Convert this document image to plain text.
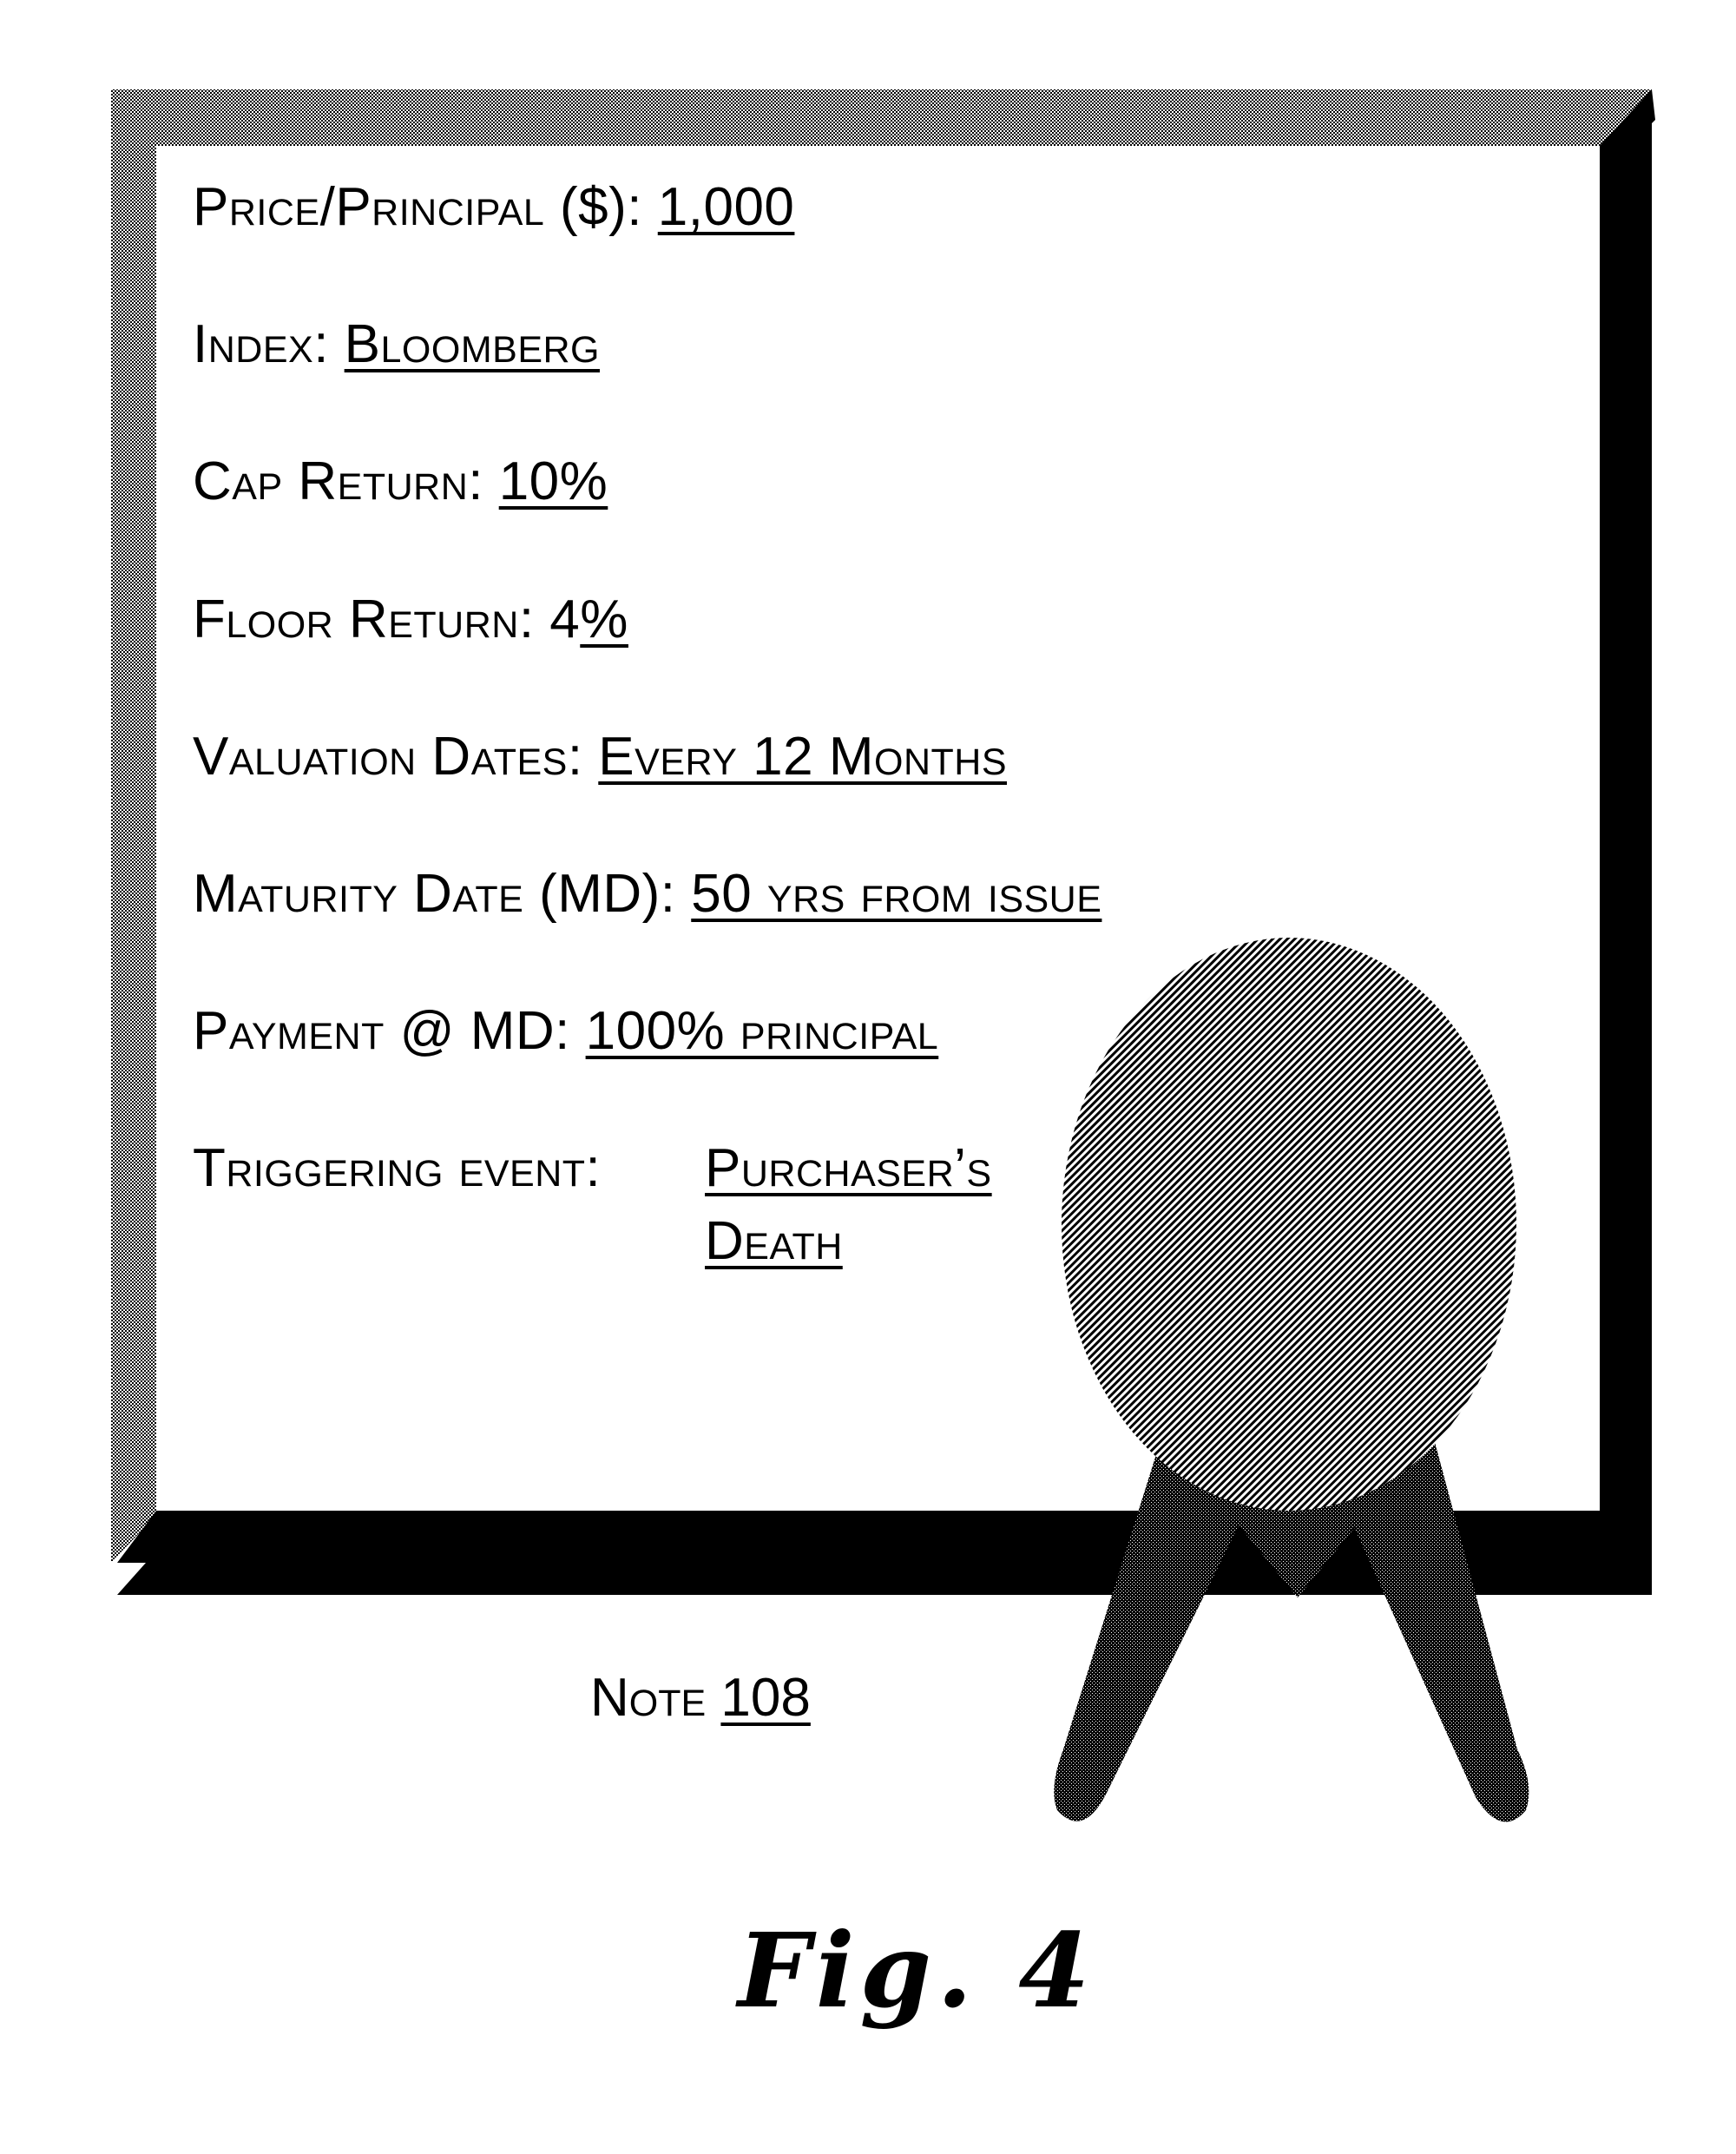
Price/Principal ($): 1,000
Index: Bloomberg
Cap Return: 10%
Floor Return: 4%
Valuation Dates: Every 12 Months
Maturity Date (MD): 50 yrs from issue
Payment @ MD: 100% principal
Triggering event: Purchaser’s
Death
Note 108
Fig. 4
